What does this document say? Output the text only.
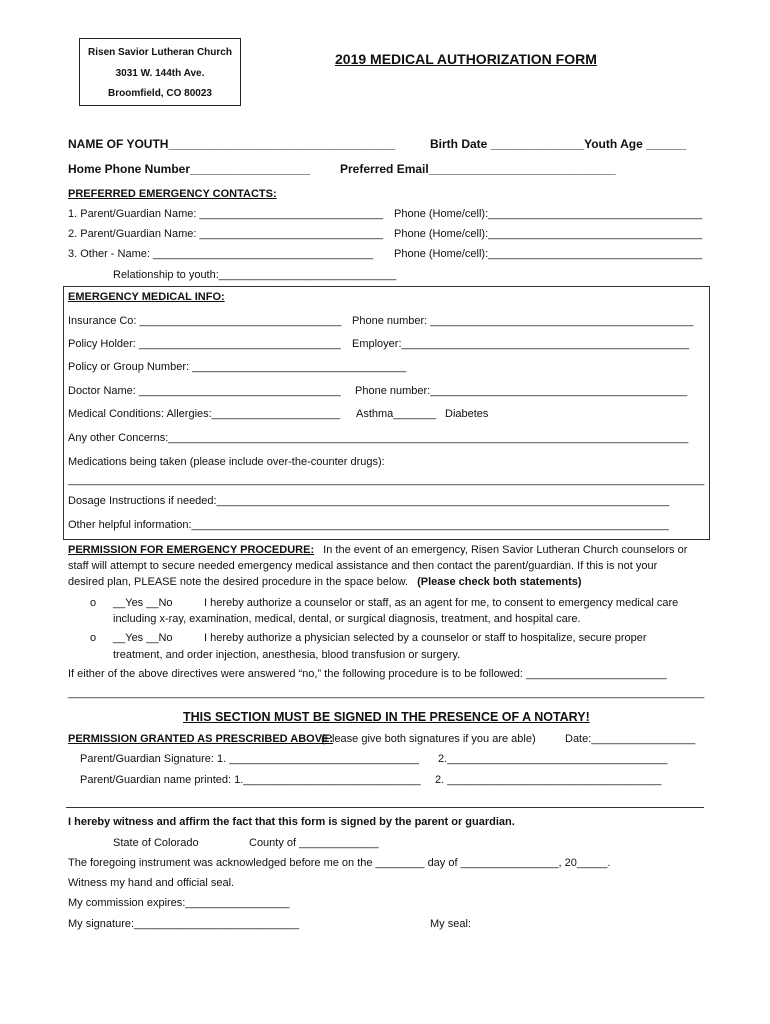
Risen Savior Lutheran Church
3031 W. 144th Ave.
Broomfield, CO 80023
2019 MEDICAL AUTHORIZATION FORM
NAME OF YOUTH__________________________________	Birth Date ______________Youth Age ______
Home Phone Number__________________ Preferred Email____________________________
PREFERRED EMERGENCY CONTACTS:
1. Parent/Guardian Name: ______________________________ Phone (Home/cell):___________________________________
2. Parent/Guardian Name: ______________________________ Phone (Home/cell):___________________________________
3. Other - Name: ____________________________________ Phone (Home/cell):___________________________________
Relationship to youth:_____________________________
EMERGENCY MEDICAL INFO:
Insurance Co: _________________________________ Phone number: ___________________________________________
Policy Holder: _________________________________ Employer:_______________________________________________
Policy or Group Number: ___________________________________
Doctor Name: _________________________________ Phone number:__________________________________________
Medical Conditions: Allergies:_____________________ Asthma_______ Diabetes
Any other Concerns:_____________________________________________________________________________________
Medications being taken (please include over-the-counter drugs):
________________________________________________________________________________________________________
Dosage Instructions if needed:__________________________________________________________________________
Other helpful information:______________________________________________________________________________
PERMISSION FOR EMERGENCY PROCEDURE: In the event of an emergency, Risen Savior Lutheran Church counselors or
staff will attempt to secure needed emergency medical assistance and then contact the parent/guardian. If this is not your
desired plan, PLEASE note the desired procedure in the space below. (Please check both statements)
o __Yes __No	I hereby authorize a counselor or staff, as an agent for me, to consent to emergency medical care
including x-ray, examination, medical, dental, or surgical diagnosis, treatment, and hospital care.
o __Yes __No	I hereby authorize a physician selected by a counselor or staff to hospitalize, secure proper
treatment, and order injection, anesthesia, blood transfusion or surgery.
If either of the above directives were answered “no,” the following procedure is to be followed: _______________________
________________________________________________________________________________________________________
THIS SECTION MUST BE SIGNED IN THE PRESENCE OF A NOTARY!
PERMISSION GRANTED AS PRESCRIBED ABOVE:
(Please give both signatures if you are able)	Date:_________________
Parent/Guardian Signature: 1. _______________________________ 2.____________________________________
Parent/Guardian name printed: 1._____________________________ 2. ___________________________________
I hereby witness and affirm the fact that this form is signed by the parent or guardian.
State of Colorado	County of _____________
The foregoing instrument was acknowledged before me on the ________ day of ________________, 20_____.
Witness my hand and official seal.
My commission expires:_________________
My signature:___________________________	My seal:
